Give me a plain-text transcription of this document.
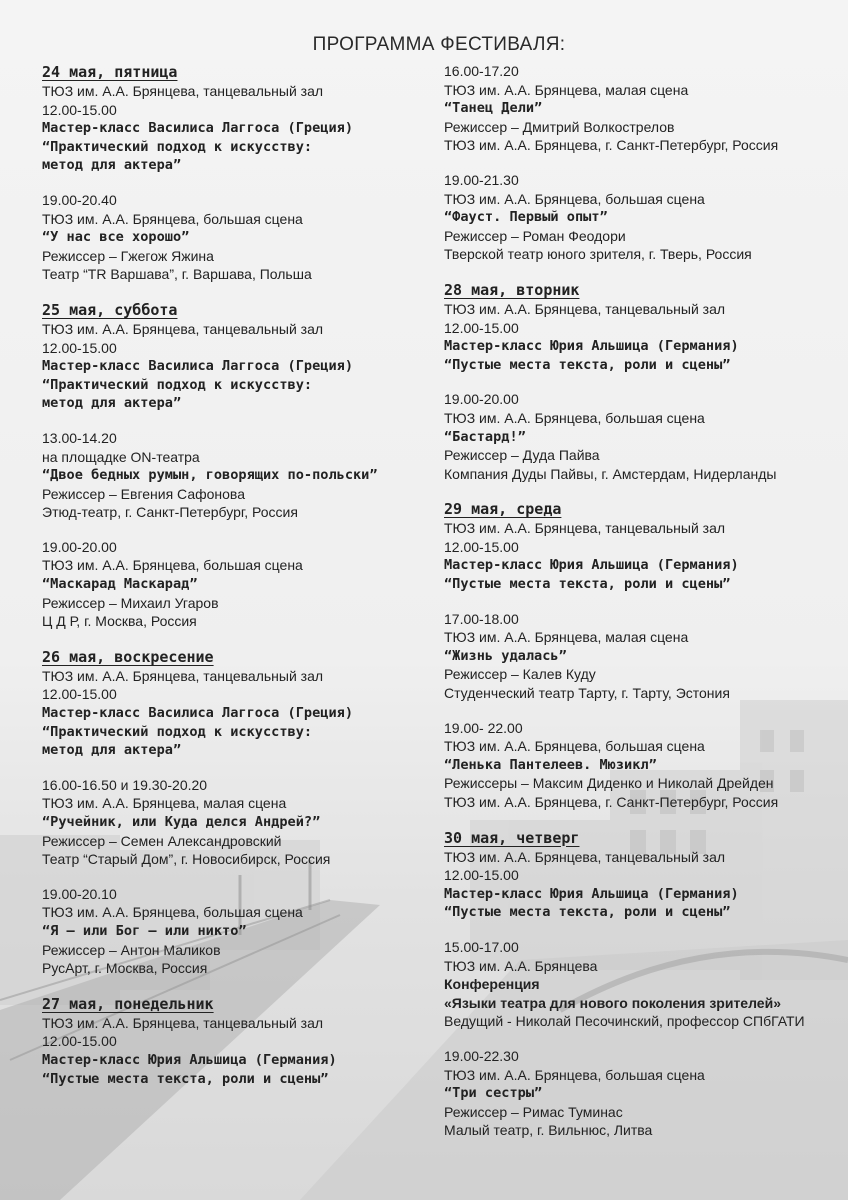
ПРОГРАММА ФЕСТИВАЛЯ:
24 мая, пятница
ТЮЗ им. А.А. Брянцева, танцевальный зал
12.00-15.00
Мастер-класс Василиса Лаггоса (Греция)
“Практический подход к искусству:
метод для актера”
19.00-20.40
ТЮЗ им. А.А. Брянцева, большая сцена
“У нас все хорошо”
Режиссер – Гжегож Яжина
Театр “TR Варшава”, г. Варшава, Польша
25 мая, суббота
ТЮЗ им. А.А. Брянцева, танцевальный зал
12.00-15.00
Мастер-класс Василиса Лаггоса (Греция)
“Практический подход к искусству:
метод для актера”
13.00-14.20
на площадке ON-театра
“Двое бедных румын, говорящих по-польски”
Режиссер – Евгения Сафонова
Этюд-театр, г. Санкт-Петербург, Россия
19.00-20.00
ТЮЗ им. А.А. Брянцева, большая сцена
“Маскарад Маскарад”
Режиссер – Михаил Угаров
Ц Д Р, г. Москва, Россия
26 мая, воскресение
ТЮЗ им. А.А. Брянцева, танцевальный зал
12.00-15.00
Мастер-класс Василиса Лаггоса (Греция)
“Практический подход к искусству:
метод для актера”
16.00-16.50 и 19.30-20.20
ТЮЗ им. А.А. Брянцева, малая сцена
“Ручейник, или Куда делся Андрей?”
Режиссер – Семен Александровский
Театр “Старый Дом”, г. Новосибирск, Россия
19.00-20.10
ТЮЗ им. А.А. Брянцева, большая сцена
“Я – или Бог – или никто”
Режиссер – Антон Маликов
РусАрт, г. Москва, Россия
27 мая, понедельник
ТЮЗ им. А.А. Брянцева, танцевальный зал
12.00-15.00
Мастер-класс Юрия Альшица (Германия)
“Пустые места текста, роли и сцены”
16.00-17.20
ТЮЗ им. А.А. Брянцева, малая сцена
“Танец Дели”
Режиссер – Дмитрий Волкострелов
ТЮЗ им. А.А. Брянцева, г. Санкт-Петербург, Россия
19.00-21.30
ТЮЗ им. А.А. Брянцева, большая сцена
“Фауст. Первый опыт”
Режиссер – Роман Феодори
Тверской театр юного зрителя, г. Тверь, Россия
28 мая, вторник
ТЮЗ им. А.А. Брянцева, танцевальный зал
12.00-15.00
Мастер-класс Юрия Альшица (Германия)
“Пустые места текста, роли и сцены”
19.00-20.00
ТЮЗ им. А.А. Брянцева, большая сцена
“Бастард!”
Режиссер – Дуда Пайва
Компания Дуды Пайвы, г. Амстердам, Нидерланды
29 мая, среда
ТЮЗ им. А.А. Брянцева, танцевальный зал
12.00-15.00
Мастер-класс Юрия Альшица (Германия)
“Пустые места текста, роли и сцены”
17.00-18.00
ТЮЗ им. А.А. Брянцева, малая сцена
“Жизнь удалась”
Режиссер – Калев Куду
Студенческий театр Тарту, г. Тарту, Эстония
19.00- 22.00
ТЮЗ им. А.А. Брянцева, большая сцена
“Ленька Пантелеев. Мюзикл”
Режиссеры – Максим Диденко и Николай Дрейден
ТЮЗ им. А.А. Брянцева, г. Санкт-Петербург, Россия
30 мая, четверг
ТЮЗ им. А.А. Брянцева, танцевальный зал
12.00-15.00
Мастер-класс Юрия Альшица (Германия)
“Пустые места текста, роли и сцены”
15.00-17.00
ТЮЗ им. А.А. Брянцева
Конференция
«Языки театра для нового поколения зрителей»
Ведущий - Николай Песочинский, профессор СПбГАТИ
19.00-22.30
ТЮЗ им. А.А. Брянцева, большая сцена
“Три сестры”
Режиссер – Римас Туминас
Малый театр, г. Вильнюс, Литва
